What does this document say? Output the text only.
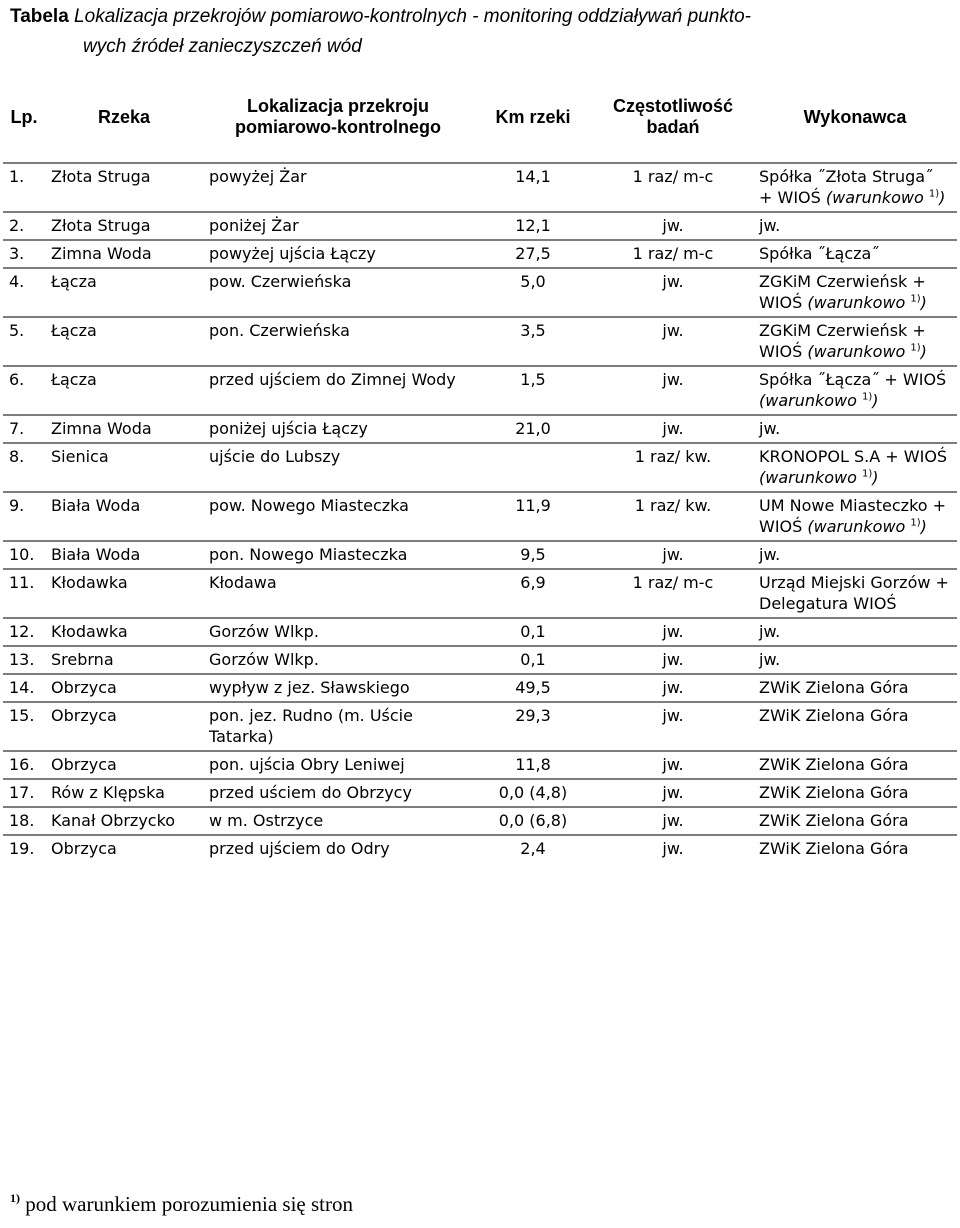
Tabela Lokalizacja przekrojów pomiarowo-kontrolnych - monitoring oddziaływań punkto-
wych źródeł zanieczyszczeń wód
Lp.	Rzeka	Lokalizacja przekroju pomiarowo-kontrolnego	Km rzeki	Częstotliwość badań	Wykonawca
1.	Złota Struga	powyżej Żar	14,1	1 raz/ m-c	Spółka ˝Złota Struga˝ + WIOŚ (warunkowo $^{1)}$)
2.	Złota Struga	poniżej Żar	12,1	jw.	jw.
3.	Zimna Woda	powyżej ujścia Łączy	27,5	1 raz/ m-c	Spółka ˝Łącza˝
4.	Łącza	pow. Czerwieńska	5,0	jw.	ZGKiM Czerwieńsk + WIOŚ (warunkowo $^{1)}$)
5.	Łącza	pon. Czerwieńska	3,5	jw.	ZGKiM Czerwieńsk + WIOŚ (warunkowo $^{1)}$)
6.	Łącza	przed ujściem do Zimnej Wody	1,5	jw.	Spółka ˝Łącza˝ + WIOŚ (warunkowo $^{1)}$)
7.	Zimna Woda	poniżej ujścia Łączy	21,0	jw.	jw.
8.	Sienica	ujście do Lubszy		1 raz/ kw.	KRONOPOL S.A + WIOŚ (warunkowo $^{1)}$)
9.	Biała Woda	pow. Nowego Miasteczka	11,9	1 raz/ kw.	UM Nowe Miasteczko + WIOŚ (warunkowo $^{1)}$)
10.	Biała Woda	pon. Nowego Miasteczka	9,5	jw.	jw.
11.	Kłodawka	Kłodawa	6,9	1 raz/ m-c	Urząd Miejski Gorzów + Delegatura WIOŚ
12.	Kłodawka	Gorzów Wlkp.	0,1	jw.	jw.
13.	Srebrna	Gorzów Wlkp.	0,1	jw.	jw.
14.	Obrzyca	wypływ z jez. Sławskiego	49,5	jw.	ZWiK Zielona Góra
15.	Obrzyca	pon. jez. Rudno (m. Uście Tatarka)	29,3	jw.	ZWiK Zielona Góra
16.	Obrzyca	pon. ujścia Obry Leniwej	11,8	jw.	ZWiK Zielona Góra
17.	Rów z Klępska	przed uściem do Obrzycy	0,0 (4,8)	jw.	ZWiK Zielona Góra
18.	Kanał Obrzycko	w m. Ostrzyce	0,0 (6,8)	jw.	ZWiK Zielona Góra
19.	Obrzyca	przed ujściem do Odry	2,4	jw.	ZWiK Zielona Góra
$^{1)}$ pod warunkiem porozumienia się stron
